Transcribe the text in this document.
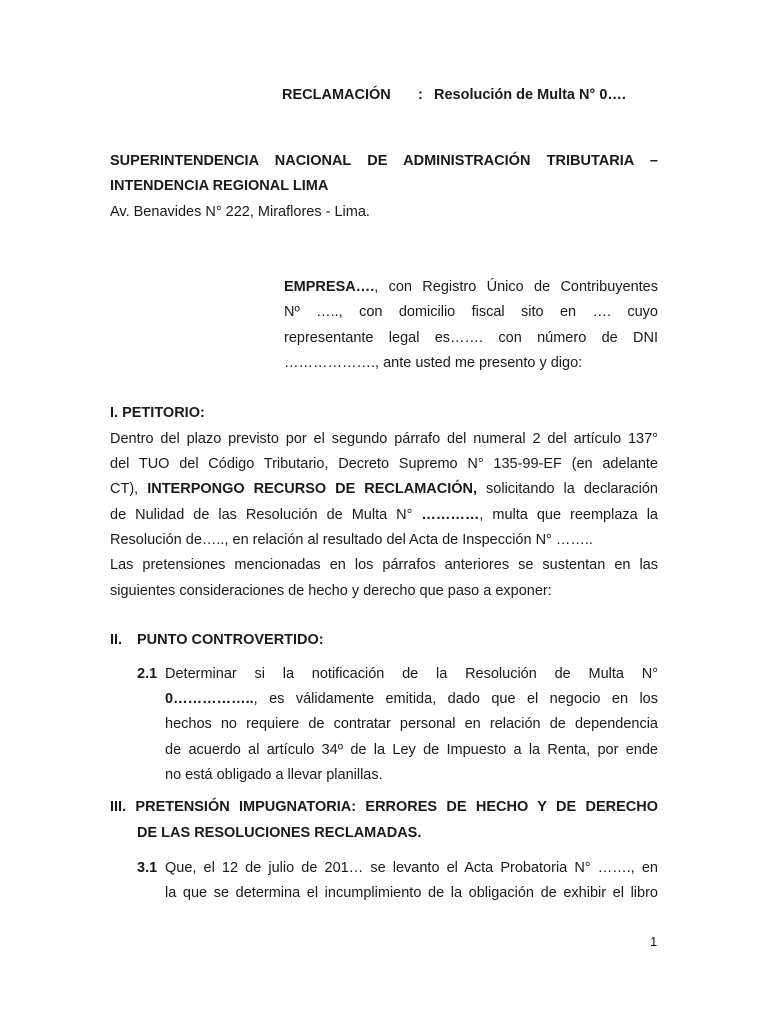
RECLAMACIÓN : Resolución de Multa N° 0….
SUPERINTENDENCIA NACIONAL DE ADMINISTRACIÓN TRIBUTARIA –
INTENDENCIA REGIONAL LIMA
Av. Benavides N° 222, Miraflores - Lima.
EMPRESA…., con Registro Único de Contribuyentes
Nº ….., con domicilio fiscal sito en …. cuyo
representante legal es……. con número de DNI
………………., ante usted me presento y digo:
I. PETITORIO:
Dentro del plazo previsto por el segundo párrafo del numeral 2 del artículo 137°
del TUO del Código Tributario, Decreto Supremo N° 135-99-EF (en adelante
CT), INTERPONGO RECURSO DE RECLAMACIÓN, solicitando la declaración
de Nulidad de las Resolución de Multa N° …………, multa que reemplaza la
Resolución de….., en relación al resultado del Acta de Inspección N° ……..
Las pretensiones mencionadas en los párrafos anteriores se sustentan en las
siguientes consideraciones de hecho y derecho que paso a exponer:
II. PUNTO CONTROVERTIDO:
2.1 Determinar si la notificación de la Resolución de Multa N°
0…………….., es válidamente emitida, dado que el negocio en los
hechos no requiere de contratar personal en relación de dependencia
de acuerdo al artículo 34º de la Ley de Impuesto a la Renta, por ende
no está obligado a llevar planillas.
III. PRETENSIÓN IMPUGNATORIA: ERRORES DE HECHO Y DE DERECHO
DE LAS RESOLUCIONES RECLAMADAS.
3.1 Que, el 12 de julio de 201… se levanto el Acta Probatoria N° ……., en
la que se determina el incumplimiento de la obligación de exhibir el libro
1
